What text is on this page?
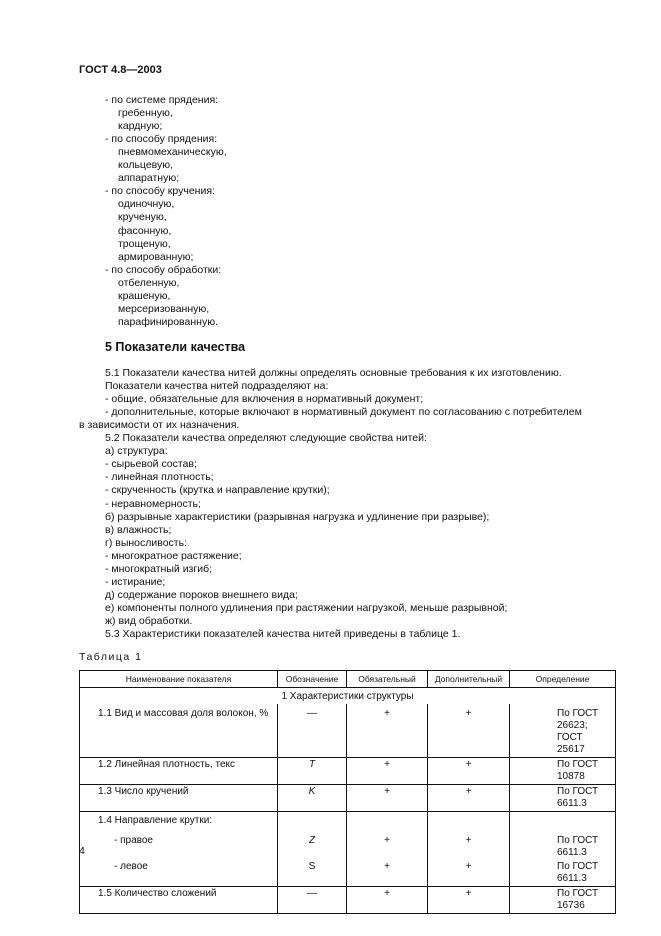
ГОСТ 4.8—2003
- по системе прядения:
гребенную,
кардную;
- по способу прядения:
пневмомеханическую,
кольцевую,
аппаратную;
- по способу кручения:
одиночную,
крученую,
фасонную,
трощеную,
армированную;
- по способу обработки:
отбеленную,
крашеную,
мерсеризованную,
парафинированную.
5 Показатели качества
5.1 Показатели качества нитей должны определять основные требования к их изготовлению.
Показатели качества нитей подразделяют на:
- общие, обязательные для включения в нормативный документ;
- дополнительные, которые включают в нормативный документ по согласованию с потребителем
в зависимости от их назначения.
5.2 Показатели качества определяют следующие свойства нитей:
а) структура:
- сырьевой состав;
- линейная плотность;
- скрученность (крутка и направление крутки);
- неравномерность;
б) разрывные характеристики (разрывная нагрузка и удлинение при разрыве);
в) влажность;
г) выносливость:
- многократное растяжение;
- многократный изгиб;
- истирание;
д) содержание пороков внешнего вида;
е) компоненты полного удлинения при растяжении нагрузкой, меньше разрывной;
ж) вид обработки.
5.3 Характеристики показателей качества нитей приведены в таблице 1.
Таблица 1
Наименование показателя	Обозначение	Обязательный	Дополнительный	Определение
1 Характеристики структуры				
1.1 Вид и массовая доля волокон, %	—	+	+	По ГОСТ 26623;
ГОСТ 25617
1.2 Линейная плотность, текс	T	+	+	По ГОСТ 10878
1.3 Число кручений	K	+	+	По ГОСТ 6611.3
1.4 Направление крутки:				
- правое	Z	+	+	По ГОСТ 6611.3
- левое	S	+	+	По ГОСТ 6611.3
1.5 Количество сложений	—	+	+	По ГОСТ 16736
4
